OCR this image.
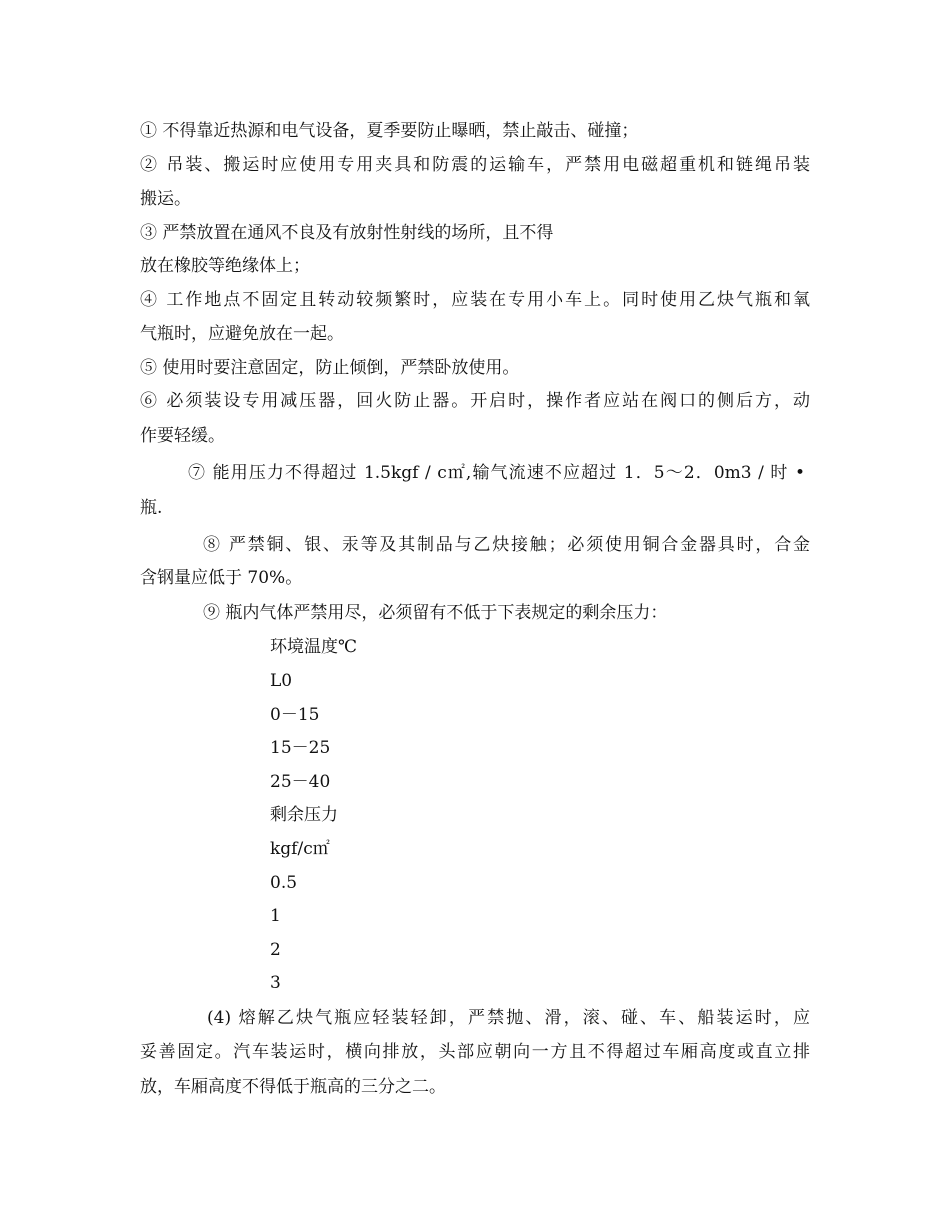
① 不得靠近热源和电气设备，夏季要防止曝晒，禁止敲击、碰撞；
② 吊装、搬运时应使用专用夹具和防震的运输车，严禁用电磁超重机和链绳吊装
搬运。
③ 严禁放置在通风不良及有放射性射线的场所，且不得
放在橡胶等绝缘体上；
④ 工作地点不固定且转动较频繁时，应装在专用小车上。同时使用乙炔气瓶和氧
气瓶时，应避免放在一起。
⑤ 使用时要注意固定，防止倾倒，严禁卧放使用。
⑥ 必须装设专用减压器，回火防止器。开启时，操作者应站在阀口的侧后方，动
作要轻缓。
⑦ 能用压力不得超过 1.5kgf / c㎡,输气流速不应超过 1．5～2．0m3 / 时 •
瓶.
⑧ 严禁铜、银、汞等及其制品与乙炔接触；必须使用铜合金器具时，合金
含钢量应低于 70%。
⑨ 瓶内气体严禁用尽，必须留有不低于下表规定的剩余压力：
环境温度℃
L0
0－15
15－25
25－40
剩余压力
kgf/c㎡
0.5
1
2
3
(4) 熔解乙炔气瓶应轻装轻卸，严禁抛、滑，滚、碰、车、船装运时，应
妥善固定。汽车装运时，横向排放，头部应朝向一方且不得超过车厢高度或直立排
放，车厢高度不得低于瓶高的三分之二。
